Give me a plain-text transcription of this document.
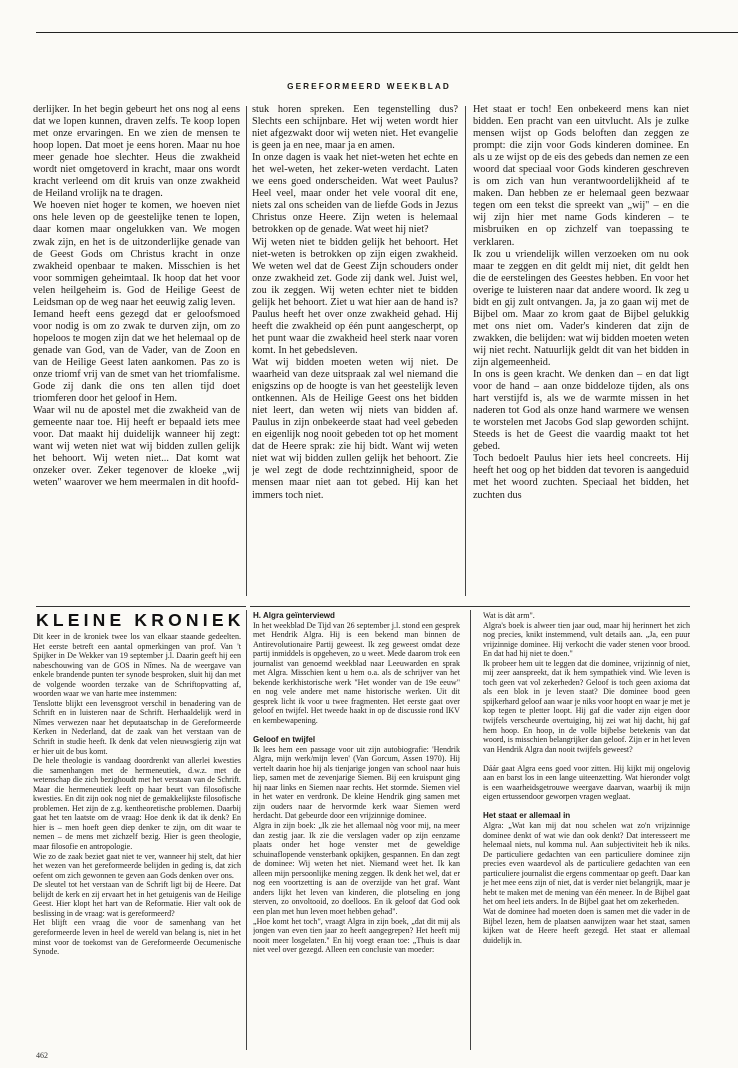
GEREFORMEERD WEEKBLAD
derlijker. In het begin gebeurt het ons nog al eens dat we lopen kunnen, draven zelfs. Te koop lopen met onze ervaringen. En we zien de mensen te hoop lopen. Dat moet je eens horen. Maar nu hoe meer genade hoe slechter. Heus die zwakheid wordt niet omgetoverd in kracht, maar ons wordt kracht verleend om dit kruis van onze zwakheid de Heiland vrolijk na te dragen.
We hoeven niet hoger te komen, we hoeven niet ons hele leven op de geestelijke tenen te lopen, daar komen maar ongelukken van. We mogen zwak zijn, en het is de uitzonderlijke genade van de Geest Gods om Christus kracht in onze zwakheid openbaar te maken. Misschien is het voor sommigen geheimtaal. Ik hoop dat het voor velen heilgeheim is. God de Heilige Geest de Leidsman op de weg naar het eeuwig zalig leven.
Iemand heeft eens gezegd dat er geloofsmoed voor nodig is om zo zwak te durven zijn, om zo hopeloos te mogen zijn dat we het helemaal op de genade van God, van de Vader, van de Zoon en van de Heilige Geest laten aankomen. Pas zo is onze triomf vrij van de smet van het triomfalisme. Gode zij dank die ons ten allen tijd doet triomferen door het geloof in Hem.
Waar wil nu de apostel met die zwakheid van de gemeente naar toe. Hij heeft er bepaald iets mee voor. Dat maakt hij duidelijk wanneer hij zegt: want wij weten niet wat wij bidden zullen gelijk het behoort. Wij weten niet... Dat komt wat onzeker over. Zeker tegenover de kloeke „wij weten" waarover we hem meermalen in dit hoofd-
stuk horen spreken. Een tegenstelling dus? Slechts een schijnbare. Het wij weten wordt hier niet afgezwakt door wij weten niet. Het evangelie is geen ja en nee, maar ja en amen.
In onze dagen is vaak het niet-weten het echte en het wel-weten, het zeker-weten verdacht. Laten we eens goed onderscheiden. Wat weet Paulus? Heel veel, maar onder het vele vooral dit ene, niets zal ons scheiden van de liefde Gods in Jezus Christus onze Heere. Zijn weten is helemaal betrokken op de genade. Wat weet hij niet?
Wij weten niet te bidden gelijk het behoort. Het niet-weten is betrokken op zijn eigen zwakheid. We weten wel dat de Geest Zijn schouders onder onze zwakheid zet. Gode zij dank wel. Juist wel, zou ik zeggen. Wij weten echter niet te bidden gelijk het behoort. Ziet u wat hier aan de hand is? Paulus heeft het over onze zwakheid gehad. Hij heeft die zwakheid op één punt aangescherpt, op het punt waar die zwakheid heel sterk naar voren komt. In het gebedsleven.
Wat wij bidden moeten weten wij niet. De waarheid van deze uitspraak zal wel niemand die enigszins op de hoogte is van het geestelijk leven ontkennen. Als de Heilige Geest ons het bidden niet leert, dan weten wij niets van bidden af. Paulus in zijn onbekeerde staat had veel gebeden en eigenlijk nog nooit gebeden tot op het moment dat de Heere sprak: zie hij bidt. Want wij weten niet wat wij bidden zullen gelijk het behoort. Zie je wel zegt de dode rechtzinnigheid, spoor de mensen maar niet aan tot gebed. Hij kan het immers toch niet.
Het staat er toch! Een onbekeerd mens kan niet bidden. Een pracht van een uitvlucht. Als je zulke mensen wijst op Gods beloften dan zeggen ze prompt: die zijn voor Gods kinderen dominee. En als u ze wijst op de eis des gebeds dan nemen ze een woord dat speciaal voor Gods kinderen geschreven is om zich van hun verantwoordelijkheid af te maken. Dan hebben ze er helemaal geen bezwaar tegen om een tekst die spreekt van „wij" – en die wij zijn hier met name Gods kinderen – te misbruiken en op zichzelf van toepassing te verklaren.
Ik zou u vriendelijk willen verzoeken om nu ook maar te zeggen en dit geldt mij niet, dit geldt hen die de eerstelingen des Geestes hebben. En voor het overige te luisteren naar dat andere woord. Ik zeg u bidt en gij zult ontvangen. Ja, ja zo gaan wij met de Bijbel om. Maar zo krom gaat de Bijbel gelukkig met ons niet om. Vader's kinderen dat zijn de zwakken, die belijden: wat wij bidden moeten weten wij niet recht. Natuurlijk geldt dit van het bidden in zijn algemeenheid.
In ons is geen kracht. We denken dan – en dat ligt voor de hand – aan onze biddeloze tijden, als ons hart verstijfd is, als we de warmte missen in het naderen tot God als onze hand warmere we wensen te worstelen met Jacobs God slap geworden schijnt. Steeds is het de Geest die vaardig maakt tot het gebed.
Toch bedoelt Paulus hier iets heel concreets. Hij heeft het oog op het bidden dat tevoren is aangeduid met het woord zuchten. Speciaal het bidden, het zuchten dus
KLEINE KRONIEK
Dit keer in de kroniek twee los van elkaar staande gedeelten. Het eerste betreft een aantal opmerkingen van prof. Van 't Spijker in De Wekker van 19 september j.l. Daarin geeft hij een nabeschouwing van de GOS in Nîmes. Na de weergave van enkele brandende punten ter synode besproken, sluit hij dan met de volgende woorden terzake van de Schriftopvatting af, woorden waar we van harte mee instemmen:
Tenslotte blijkt een levensgroot verschil in benadering van de Schrift en in luisteren naar de Schrift. Herhaaldelijk werd in Nîmes verwezen naar het deputaatschap in de Gereformeerde Kerken in Nederland, dat de zaak van het verstaan van de Schrift in studie heeft. Ik denk dat velen nieuwsgierig zijn wat er hier uit de bus komt.
De hele theologie is vandaag doordrenkt van allerlei kwesties die samenhangen met de hermeneutiek, d.w.z. met de wetenschap die zich bezighoudt met het verstaan van de Schrift. Maar die hermeneutiek leeft op haar beurt van filosofische kwesties. En dit zijn ook nog niet de gemakkelijkste filosofische problemen. Het zijn de z.g. kentheoretische problemen. Daarbij gaat het ten laatste om de vraag: Hoe denk ik dat ik denk? En hier is – men hoeft geen diep denker te zijn, om dit waar te nemen – de mens met zichzelf bezig. Hier is geen theologie, maar filosofie en antropologie.
Wie zo de zaak beziet gaat niet te ver, wanneer hij stelt, dat hier het wezen van het gereformeerde belijden in geding is, dat zich oefent om zich gewonnen te geven aan Gods denken over ons.
De sleutel tot het verstaan van de Schrift ligt bij de Heere. Dat belijdt de kerk en zij ervaart het in het getuigenis van de Heilige Geest. Hier klopt het hart van de Reformatie. Hier valt ook de beslissing in de vraag: wat is gereformeerd?
Het blijft een vraag die voor de samenhang van het gereformeerde leven in heel de wereld van belang is, niet in het minst voor de toekomst van de Gereformeerde Oecumenische Synode.
H. Algra geïnterviewd
In het weekblad De Tijd van 26 september j.l. stond een gesprek met Hendrik Algra. Hij is een bekend man binnen de Antirevolutionaire Partij geweest. Ik zeg geweest omdat deze partij inmiddels is opgeheven, zo u weet. Mede daarom trok een journalist van genoemd weekblad naar Leeuwarden en sprak met Algra. Misschien kent u hem o.a. als de schrijver van het bekende kerkhistorische werk "Het wonder van de 19e eeuw" en nog vele andere met name historische werken. Uit dit gesprek licht ik voor u twee fragmenten. Het eerste gaat over geloof en twijfel. Het tweede haakt in op de discussie rond IKV en kernbewapening.

Geloof en twijfel
Ik lees hem een passage voor uit zijn autobiografie: 'Hendrik Algra, mijn werk/mijn leven' (Van Gorcum, Assen 1970). Hij vertelt daarin hoe hij als tienjarige jongen van school naar huis liep, samen met de zevenjarige Siemen. Bij een kruispunt ging hij naar links en Siemen naar rechts. Het stormde. Siemen viel in het water en verdronk. De kleine Hendrik ging samen met zijn ouders naar de hervormde kerk waar Siemen werd herdacht. Dat gebeurde door een vrijzinnige dominee.
Algra in zijn boek: „Ik zie het allemaal nòg voor mij, na meer dan zestig jaar. Ik zie die verslagen vader op zijn eenzame plaats onder het hoge venster met de geweldige schuinaflopende vensterbank opkijken, gespannen. En dan zegt de dominee: Wij weten het niet. Niemand weet het. Ik kan alleen mijn persoonlijke mening zeggen. Ik denk het wel, dat er nog een voortzetting is aan de overzijde van het graf. Want anders lijkt het leven van kinderen, die plotseling en jong sterven, zo onvoltooid, zo doelloos. En ik geloof dat God ook een plan met hun leven moet hebben gehad".
„Hoe komt het toch", vraagt Algra in zijn boek, „dat dit mij als jongen van even tien jaar zo heeft aangegrepen? Het heeft mij nooit meer losgelaten." En hij voegt eraan toe: „Thuis is daar niet veel over gezegd. Alleen een conclusie van moeder:
Wat is dàt arm".
Algra's boek is alweer tien jaar oud, maar hij herinnert het zich nog precies, knikt instemmend, vult details aan. „Ja, een puur vrijzinnige dominee. Hij verkocht die vader stenen voor brood. En dat had hij niet te doen."
Ik probeer hem uit te leggen dat die dominee, vrijzinnig of niet, mij zeer aanspreekt, dat ik hem sympathiek vind. Wie leven is toch geen vat vol zekerheden? Geloof is toch geen axioma dat als een blok in je leven staat? Die dominee bood geen spijkerhard geloof aan waar je niks voor hoopt en waar je met je kop tegen te pletter loopt. Hij gaf die vader zijn eigen door twijfels verscheurde overtuiging, hij zei wat hij dacht, hij gaf hem hoop. En hoop, in de volle bijbelse betekenis van dat woord, is misschien belangrijker dan geloof. Zijn er in het leven van Hendrik Algra dan nooit twijfels geweest?

Dáár gaat Algra eens goed voor zitten. Hij kijkt mij ongelovig aan en barst los in een lange uiteenzetting. Wat hieronder volgt is een waarheidsgetrouwe weergave daarvan, waarbij ik mijn eigen ertussendoor geworpen vragen weglaat.

Het staat er allemaal in
Algra: „Wat kan mij dat nou schelen wat zo'n vrijzinnige dominee denkt of wat wie dan ook denkt? Dat interesseert me helemaal niets, nul komma nul. Aan subjectiviteit heb ik niks. De particuliere gedachten van een particuliere dominee zijn precies even waardevol als de particuliere gedachten van een particuliere journalist die ergens commentaar op geeft. Daar kan je het mee eens zijn of niet, dat is verder niet belangrijk, maar je hebt te maken met de mening van één meneer. In de Bijbel gaat het om heel iets anders. In de Bijbel gaat het om zekerheden.
Wat de dominee had moeten doen is samen met die vader in de Bijbel lezen, hem de plaatsen aanwijzen waar het staat, samen kijken wat de Heere heeft gezegd. Het staat er allemaal duidelijk in.
462
